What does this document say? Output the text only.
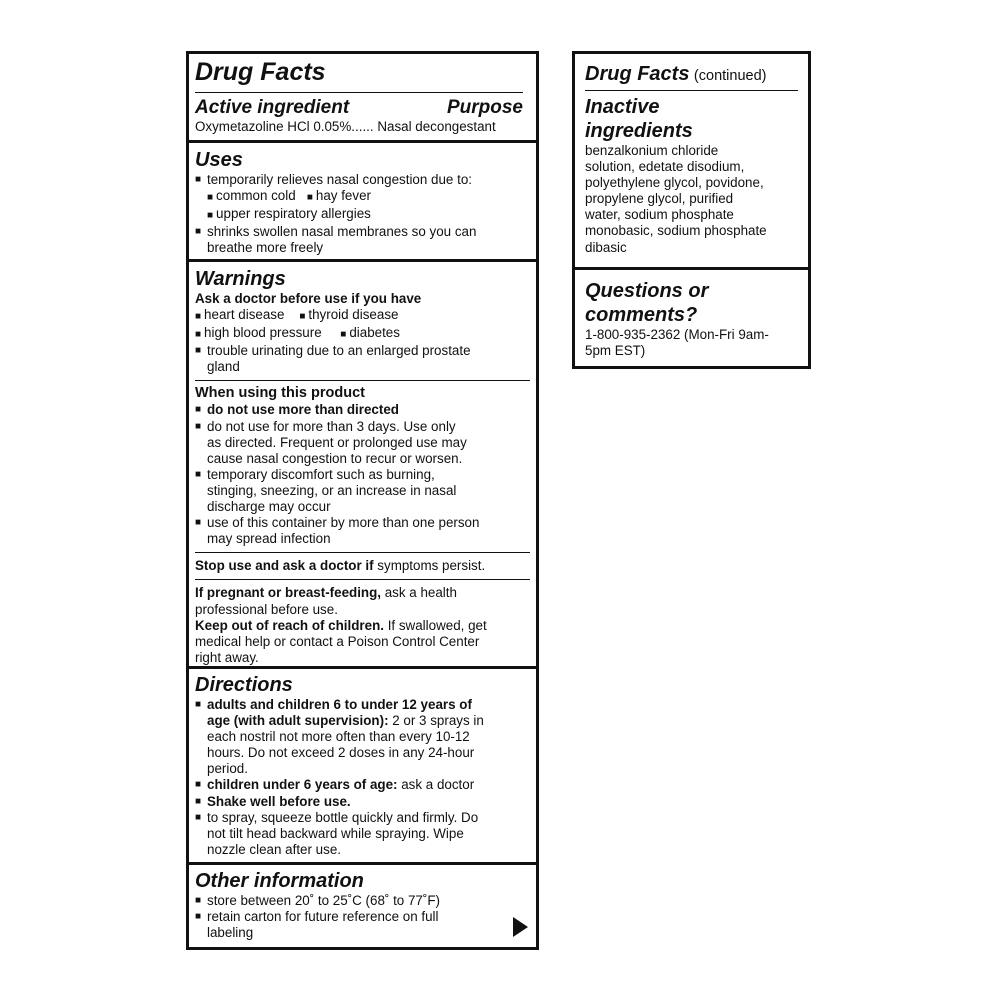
Drug Facts
Active ingredient	Purpose
Oxymetazoline HCl 0.05%...... Nasal decongestant
Uses
■
temporarily relieves nasal congestion due to:
■ common cold ■ hay fever
■ upper respiratory allergies
■
shrinks swollen nasal membranes so you can
breathe more freely
Warnings
Ask a doctor before use if you have
■ heart disease ■ thyroid disease
■ high blood pressure ■ diabetes
■
trouble urinating due to an enlarged prostate
gland
When using this product
■
do not use more than directed
■
do not use for more than 3 days. Use only
as directed. Frequent or prolonged use may
cause nasal congestion to recur or worsen.
■
temporary discomfort such as burning,
stinging, sneezing, or an increase in nasal
discharge may occur
■
use of this container by more than one person
may spread infection
Stop use and ask a doctor if symptoms persist.
If pregnant or breast-feeding, ask a health
professional before use.
Keep out of reach of children. If swallowed, get
medical help or contact a Poison Control Center
right away.
Directions
■
adults and children 6 to under 12 years of
age (with adult supervision): 2 or 3 sprays in
each nostril not more often than every 10-12
hours. Do not exceed 2 doses in any 24-hour
period.
■
children under 6 years of age: ask a doctor
■
Shake well before use.
■
to spray, squeeze bottle quickly and firmly. Do
not tilt head backward while spraying. Wipe
nozzle clean after use.
Other information
■
store between 20˚ to 25˚C (68˚ to 77˚F)
■
retain carton for future reference on full
labeling
Drug Facts (continued)
Inactive
ingredients
benzalkonium chloride
solution, edetate disodium,
polyethylene glycol, povidone,
propylene glycol, purified
water, sodium phosphate
monobasic, sodium phosphate
dibasic
Questions or
comments?
1-800-935-2362 (Mon-Fri 9am-
5pm EST)
